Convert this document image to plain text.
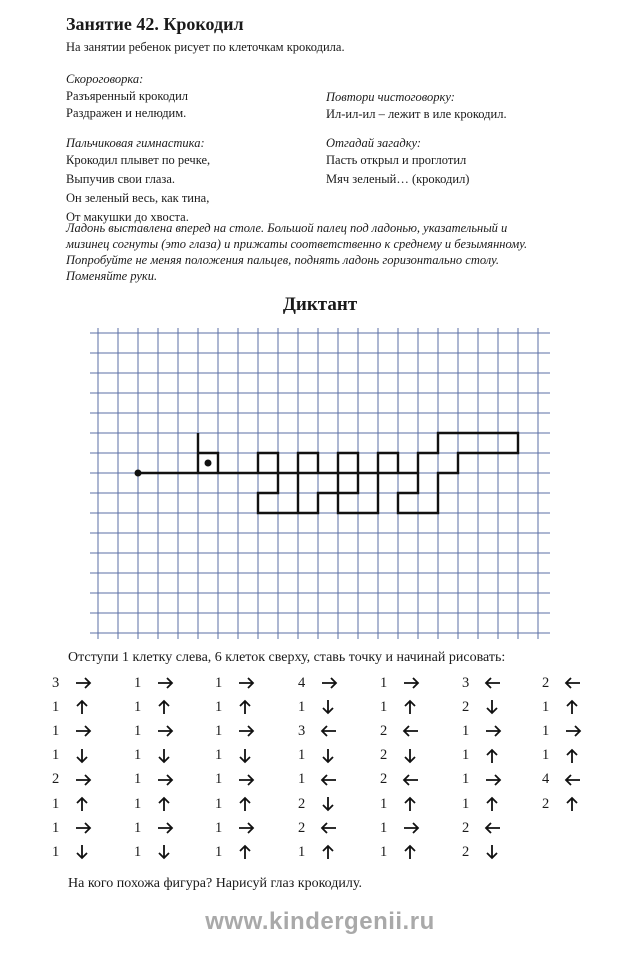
Занятие 42. Крокодил
На занятии ребенок рисует по клеточкам крокодила.
Скороговорка:
Разъяренный крокодил
Раздражен и нелюдим.
Повтори чистоговорку:
Ил-ил-ил – лежит в иле крокодил.
Пальчиковая гимнастика:
Крокодил плывет по речке,
Выпучив свои глаза.
Он зеленый весь, как тина,
От макушки до хвоста.
Отгадай загадку:
Пасть открыл и проглотил
Мяч зеленый… (крокодил)
Ладонь выставлена вперед на столе. Большой палец под ладонью, указательный и
мизинец согнуты (это глаза) и прижаты соответственно к среднему и безымянному.
Попробуйте не меняя положения пальцев, поднять ладонь горизонтально столу.
Поменяйте руки.
Диктант
Отступи 1 клетку слева, 6 клеток сверху, ставь точку и начинай рисовать:
3
1
1
1
2
1
1
1
1
1
1
1
1
1
1
1
1
1
1
1
1
1
1
1
4
1
3
1
1
2
2
1
1
1
2
2
2
1
1
1
3
2
1
1
1
1
2
2
2
1
1
1
4
2
На кого похожа фигура? Нарисуй глаз крокодилу.
www.kindergenii.ru
